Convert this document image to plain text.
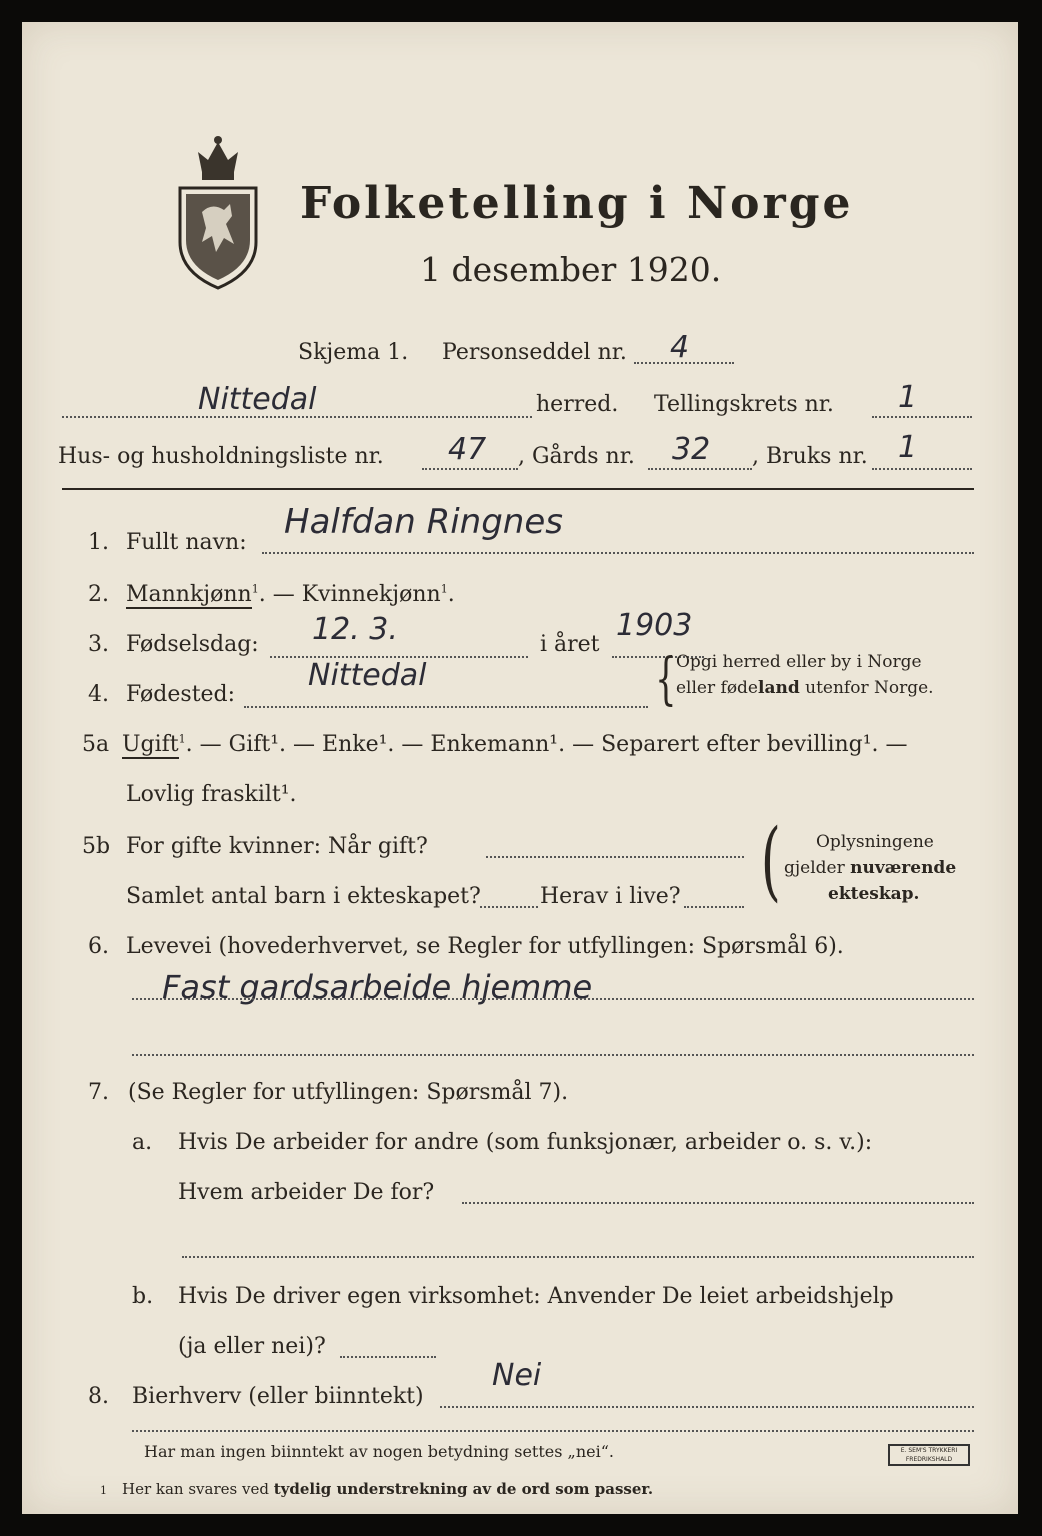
Folketelling i Norge
1 desember 1920.
Skjema 1. Personseddel nr. 4
Nittedal	herred. Tellingskrets nr. 1
Hus- og husholdningsliste nr. 47 , Gårds nr. 32 , Bruks nr. 1
1. Fullt navn:
Halfdan Ringnes
2. Mannkjønn$^1$. — Kvinnekjønn$^1$.
3. Fødselsdag: 12. 3.	i året
1903
4. Fødested:
Nittedal	{ Opgi herred eller by i Norge
eller fødeland utenfor Norge.
5a Ugift$^1$. — Gift¹. — Enke¹. — Enkemann¹. — Separert efter bevilling¹. —
Lovlig fraskilt¹.
5b For gifte kvinner: Når gift?
Samlet antal barn i ekteskapet?	Herav i live? ( Oplysningene
gjelder nuværende
ekteskap.
6. Levevei (hovederhvervet, se Regler for utfyllingen: Spørsmål 6).
Fast gardsarbeide hjemme
7. (Se Regler for utfyllingen: Spørsmål 7).
a. Hvis De arbeider for andre (som funksjonær, arbeider o. s. v.):
Hvem arbeider De for?
b. Hvis De driver egen virksomhet: Anvender De leiet arbeidshjelp
(ja eller nei)?
8. Bierhverv (eller biinntekt)
Nei
Har man ingen biinntekt av nogen betydning settes „nei“.
1 Her kan svares ved tydelig understrekning av de ord som passer.
E. SEM'S TRYKKERI FREDRIKSHALD
